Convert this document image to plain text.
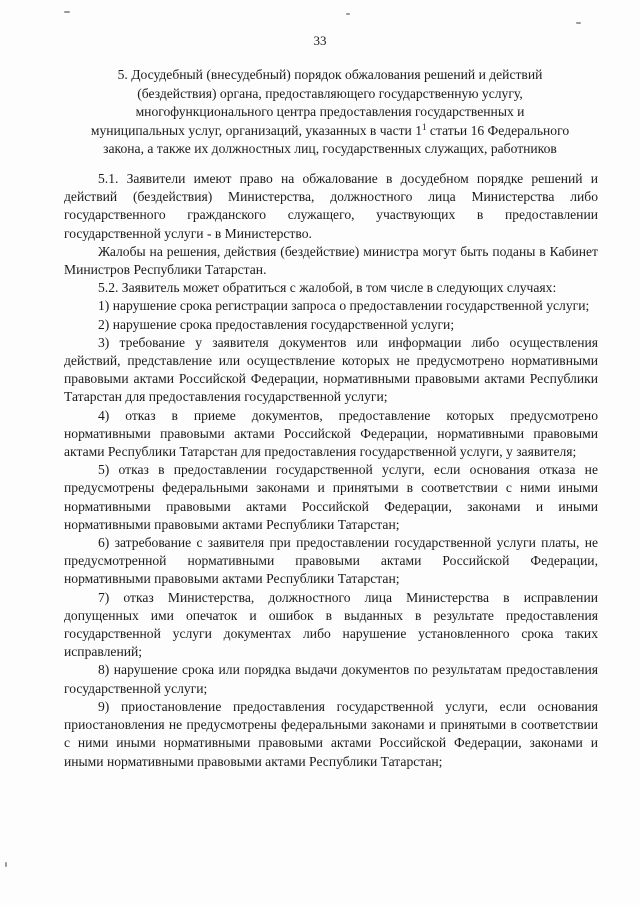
33
5. Досудебный (внесудебный) порядок обжалования решений и действий
(бездействия) органа, предоставляющего государственную услугу,
многофункционального центра предоставления государственных и
муниципальных услуг, организаций, указанных в части $1^1$ статьи 16 Федерального
закона, а также их должностных лиц, государственных служащих, работников

5.1. Заявители имеют право на обжалование в досудебном порядке решений и действий (бездействия) Министерства, должностного лица Министерства либо государственного гражданского служащего, участвующих в предоставлении государственной услуги - в Министерство.

Жалобы на решения, действия (бездействие) министра могут быть поданы в Кабинет Министров Республики Татарстан.

5.2. Заявитель может обратиться с жалобой, в том числе в следующих случаях:

1) нарушение срока регистрации запроса о предоставлении государственной услуги;

2) нарушение срока предоставления государственной услуги;

3) требование у заявителя документов или информации либо осуществления действий, представление или осуществление которых не предусмотрено нормативными правовыми актами Российской Федерации, нормативными правовыми актами Республики Татарстан для предоставления государственной услуги;

4) отказ в приеме документов, предоставление которых предусмотрено нормативными правовыми актами Российской Федерации, нормативными правовыми актами Республики Татарстан для предоставления государственной услуги, у заявителя;

5) отказ в предоставлении государственной услуги, если основания отказа не предусмотрены федеральными законами и принятыми в соответствии с ними иными нормативными правовыми актами Российской Федерации, законами и иными нормативными правовыми актами Республики Татарстан;

6) затребование с заявителя при предоставлении государственной услуги платы, не предусмотренной нормативными правовыми актами Российской Федерации, нормативными правовыми актами Республики Татарстан;

7) отказ Министерства, должностного лица Министерства в исправлении допущенных ими опечаток и ошибок в выданных в результате предоставления государственной услуги документах либо нарушение установленного срока таких исправлений;

8) нарушение срока или порядка выдачи документов по результатам предоставления государственной услуги;

9) приостановление предоставления государственной услуги, если основания приостановления не предусмотрены федеральными законами и принятыми в соответствии с ними иными нормативными правовыми актами Российской Федерации, законами и иными нормативными правовыми актами Республики Татарстан;
